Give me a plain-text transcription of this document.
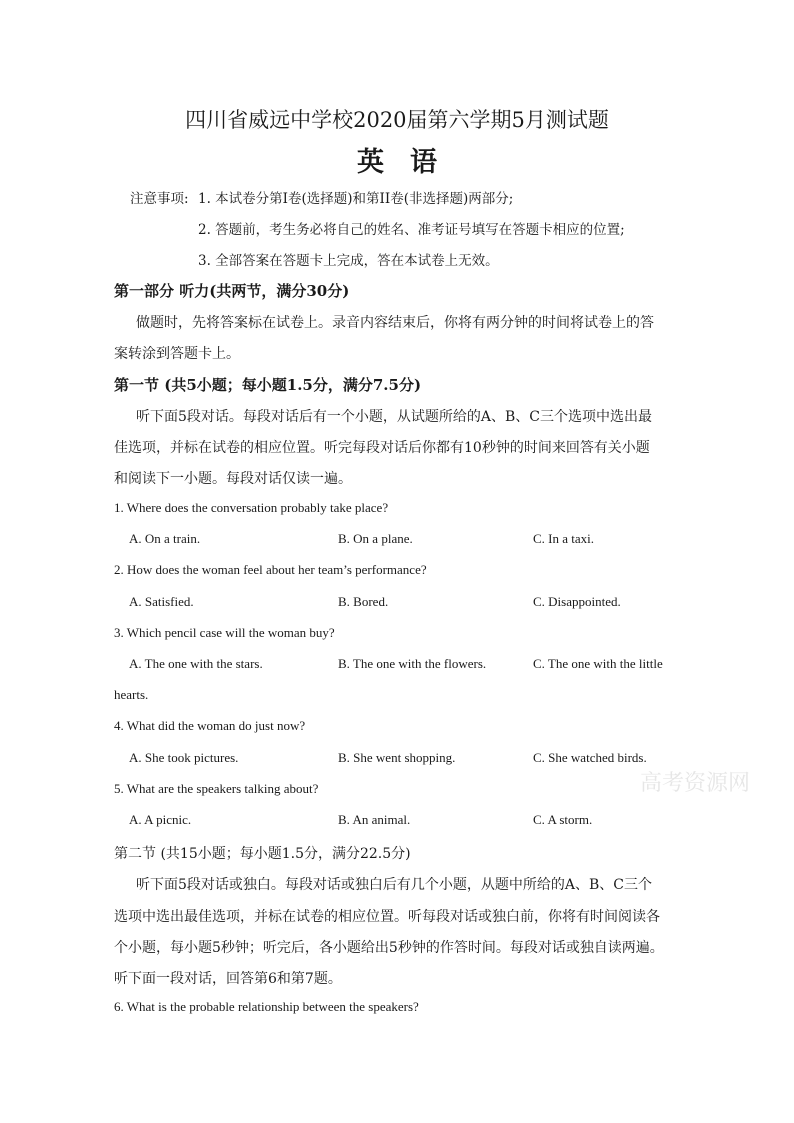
四川省威远中学校2020届第六学期5月测试题
英语
注意事项: 1. 本试卷分第I卷(选择题)和第II卷(非选择题)两部分;
2. 答题前，考生务必将自己的姓名、准考证号填写在答题卡相应的位置;
3. 全部答案在答题卡上完成，答在本试卷上无效。
第一部分 听力(共两节，满分30分)
做题时，先将答案标在试卷上。录音内容结束后，你将有两分钟的时间将试卷上的答
案转涂到答题卡上。
第一节 (共5小题；每小题1.5分，满分7.5分)
听下面5段对话。每段对话后有一个小题，从试题所给的A、B、C三个选项中选出最
佳选项，并标在试卷的相应位置。听完每段对话后你都有10秒钟的时间来回答有关小题
和阅读下一小题。每段对话仅读一遍。
1. Where does the conversation probably take place?
A. On a train.	B. On a plane.	C. In a taxi.
2. How does the woman feel about her team’s performance?
A. Satisfied.	B. Bored.	C. Disappointed.
3. Which pencil case will the woman buy?
A. The one with the stars.	B. The one with the flowers.	C. The one with the little
hearts.
4. What did the woman do just now?
A. She took pictures.	B. She went shopping.	C. She watched birds.
高考资源网
5. What are the speakers talking about?
A. A picnic.	B. An animal.	C. A storm.
第二节 (共15小题；每小题1.5分，满分22.5分)
听下面5段对话或独白。每段对话或独白后有几个小题，从题中所给的A、B、C三个
选项中选出最佳选项，并标在试卷的相应位置。听每段对话或独白前，你将有时间阅读各
个小题，每小题5秒钟；听完后，各小题给出5秒钟的作答时间。每段对话或独自读两遍。
听下面一段对话，回答第6和第7题。
6. What is the probable relationship between the speakers?
